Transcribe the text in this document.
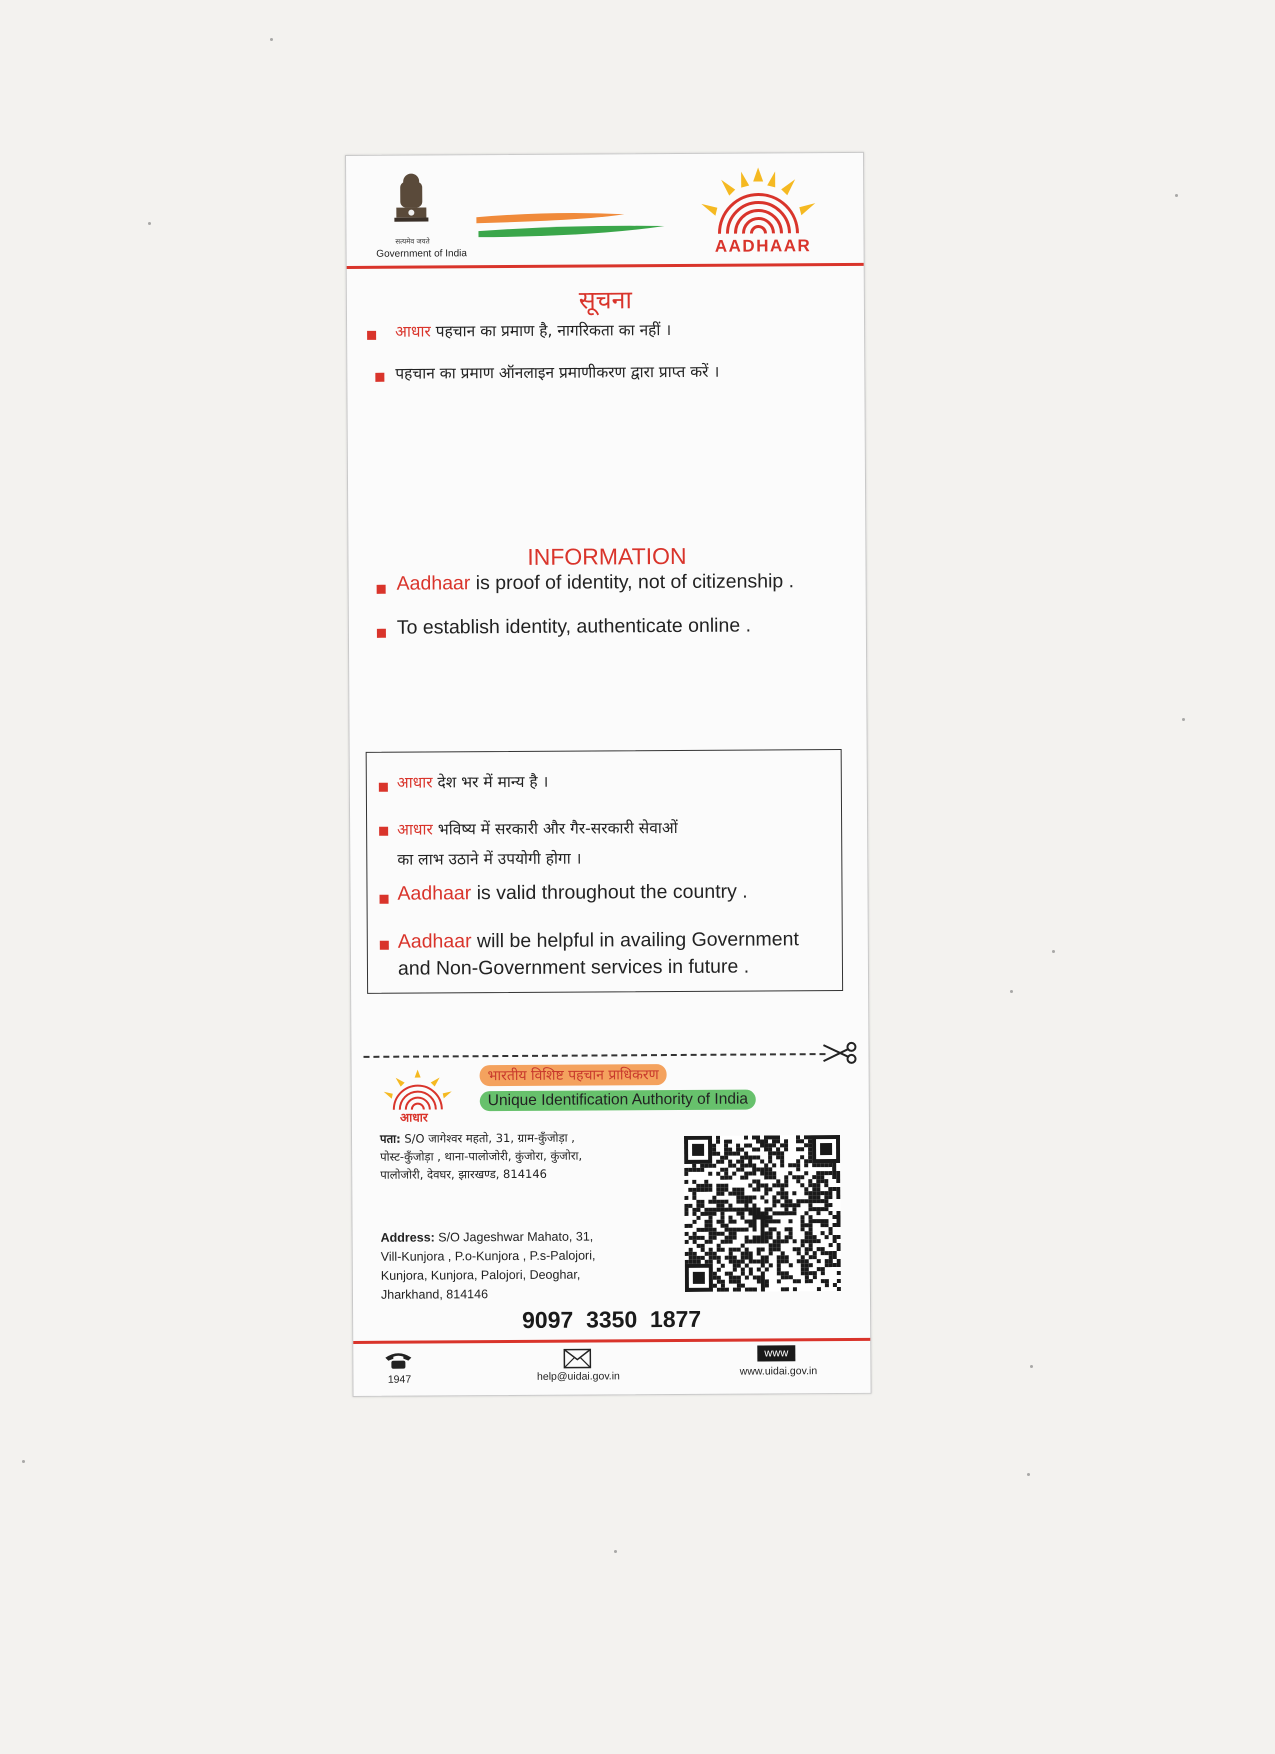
सत्यमेव जयते
Government of India	AADHAAR
सूचना
आधार पहचान का प्रमाण है, नागरिकता का नहीं ।
पहचान का प्रमाण ऑनलाइन प्रमाणीकरण द्वारा प्राप्त करें ।
INFORMATION
Aadhaar is proof of identity, not of citizenship .
To establish identity, authenticate online .
आधार देश भर में मान्य है ।
आधार भविष्य में सरकारी और गैर-सरकारी सेवाओं
का लाभ उठाने में उपयोगी होगा ।
Aadhaar is valid throughout the country .
Aadhaar will be helpful in availing Government
and Non-Government services in future .
आधार
भारतीय विशिष्ट पहचान प्राधिकरण
Unique Identification Authority of India
पता: S/O जागेश्वर महतो, 31, ग्राम-कुँजोड़ा ,
पोस्ट-कुँजोड़ा , थाना-पालोजोरी, कुंजोरा, कुंजोरा,
पालोजोरी, देवघर, झारखण्ड, 814146
Address: S/O Jageshwar Mahato, 31,
Vill-Kunjora , P.o-Kunjora , P.s-Palojori,
Kunjora, Kunjora, Palojori, Deoghar,
Jharkhand, 814146
9097  3350  1877
1947	help@uidai.gov.in
www
www.uidai.gov.in
